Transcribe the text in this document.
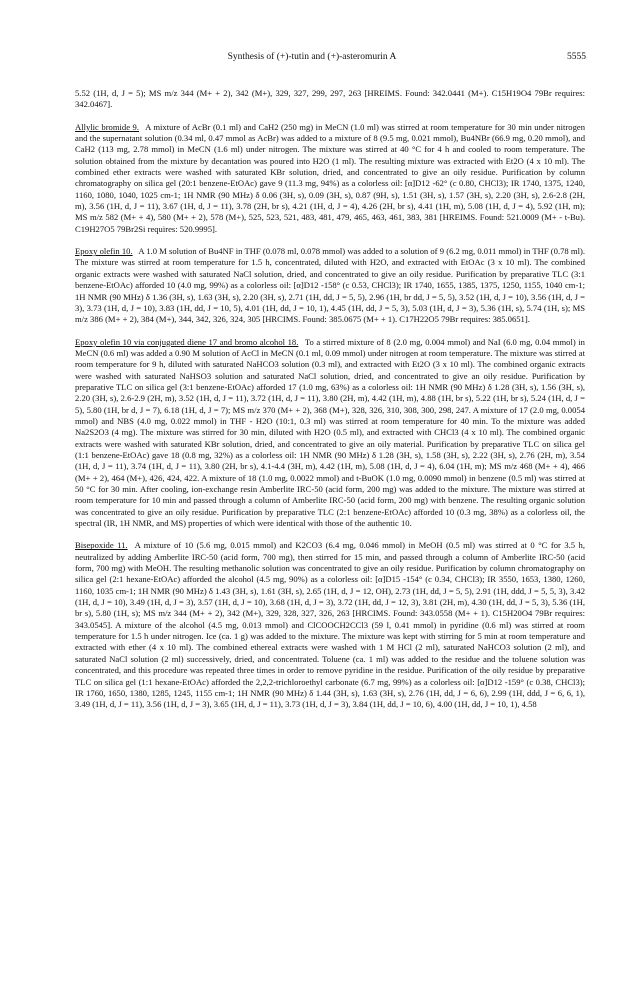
Synthesis of (+)-tutin and (+)-asteromurin A	5555

5.52 (1H, d, J = 5); MS m/z 344 (M+ + 2), 342 (M+), 329, 327, 299, 297, 263 [HREIMS. Found: 342.0441 (M+). C15H19O4 79Br requires: 342.0467].

Allylic bromide 9. A mixture of AcBr (0.1 ml) and CaH2 (250 mg) in MeCN (1.0 ml) was stirred at room temperature for 30 min under nitrogen and the supernatant solution (0.34 ml, 0.47 mmol as AcBr) was added to a mixture of 8 (9.5 mg, 0.021 mmol), Bu4NBr (66.9 mg, 0.20 mmol), and CaH2 (113 mg, 2.78 mmol) in MeCN (1.6 ml) under nitrogen. The mixture was stirred at 40 °C for 4 h and cooled to room temperature. The solution obtained from the mixture by decantation was poured into H2O (1 ml). The resulting mixture was extracted with Et2O (4 x 10 ml). The combined ether extracts were washed with saturated KBr solution, dried, and concentrated to give an oily residue. Purification by column chromatography on silica gel (20:1 benzene-EtOAc) gave 9 (11.3 mg, 94%) as a colorless oil: [α]D12 -62° (c 0.80, CHCl3); IR 1740, 1375, 1240, 1160, 1080, 1040, 1025 cm-1; 1H NMR (90 MHz) δ 0.06 (3H, s), 0.09 (3H, s), 0.87 (9H, s), 1.51 (3H, s), 1.57 (3H, s), 2.20 (3H, s), 2.6-2.8 (2H, m), 3.56 (1H, d, J = 11), 3.67 (1H, d, J = 11), 3.78 (2H, br s), 4.21 (1H, d, J = 4), 4.26 (2H, br s), 4.41 (1H, m), 5.08 (1H, d, J = 4), 5.92 (1H, m); MS m/z 582 (M+ + 4), 580 (M+ + 2), 578 (M+), 525, 523, 521, 483, 481, 479, 465, 463, 461, 383, 381 [HREIMS. Found: 521.0009 (M+ - t-Bu). C19H27O5 79Br2Si requires: 520.9995].

Epoxy olefin 10. A 1.0 M solution of Bu4NF in THF (0.078 ml, 0.078 mmol) was added to a solution of 9 (6.2 mg, 0.011 mmol) in THF (0.78 ml). The mixture was stirred at room temperature for 1.5 h, concentrated, diluted with H2O, and extracted with EtOAc (3 x 10 ml). The combined organic extracts were washed with saturated NaCl solution, dried, and concentrated to give an oily residue. Purification by preparative TLC (3:1 benzene-EtOAc) afforded 10 (4.0 mg, 99%) as a colorless oil: [α]D12 -158° (c 0.53, CHCl3); IR 1740, 1655, 1385, 1375, 1250, 1155, 1040 cm-1; 1H NMR (90 MHz) δ 1.36 (3H, s), 1.63 (3H, s), 2.20 (3H, s), 2.71 (1H, dd, J = 5, 5), 2.96 (1H, br dd, J = 5, 5), 3.52 (1H, d, J = 10), 3.56 (1H, d, J = 3), 3.73 (1H, d, J = 10), 3.83 (1H, dd, J = 10, 5), 4.01 (1H, dd, J = 10, 1), 4.45 (1H, dd, J = 5, 3), 5.03 (1H, d, J = 3), 5.36 (1H, s), 5.74 (1H, s); MS m/z 386 (M+ + 2), 384 (M+), 344, 342, 326, 324, 305 [HRCIMS. Found: 385.0675 (M+ + 1). C17H22O5 79Br requires: 385.0651].

Epoxy olefin 10 via conjugated diene 17 and bromo alcohol 18. To a stirred mixture of 8 (2.0 mg, 0.004 mmol) and NaI (6.0 mg, 0.04 mmol) in MeCN (0.6 ml) was added a 0.90 M solution of AcCl in MeCN (0.1 ml, 0.09 mmol) under nitrogen at room temperature. The mixture was stirred at room temperature for 9 h, diluted with saturated NaHCO3 solution (0.3 ml), and extracted with Et2O (3 x 10 ml). The combined organic extracts were washed with saturated NaHSO3 solution and saturated NaCl solution, dried, and concentrated to give an oily residue. Purification by preparative TLC on silica gel (3:1 benzene-EtOAc) afforded 17 (1.0 mg, 63%) as a colorless oil: 1H NMR (90 MHz) δ 1.28 (3H, s), 1.56 (3H, s), 2.20 (3H, s), 2.6-2.9 (2H, m), 3.52 (1H, d, J = 11), 3.72 (1H, d, J = 11), 3.80 (2H, m), 4.42 (1H, m), 4.88 (1H, br s), 5.22 (1H, br s), 5.24 (1H, d, J = 5), 5.80 (1H, br d, J = 7), 6.18 (1H, d, J = 7); MS m/z 370 (M+ + 2), 368 (M+), 328, 326, 310, 308, 300, 298, 247. A mixture of 17 (2.0 mg, 0.0054 mmol) and NBS (4.0 mg, 0.022 mmol) in THF - H2O (10:1, 0.3 ml) was stirred at room temperature for 40 min. To the mixture was added Na2S2O3 (4 mg). The mixture was stirred for 30 min, diluted with H2O (0.5 ml), and extracted with CHCl3 (4 x 10 ml). The combined organic extracts were washed with saturated KBr solution, dried, and concentrated to give an oily material. Purification by preparative TLC on silica gel (1:1 benzene-EtOAc) gave 18 (0.8 mg, 32%) as a colorless oil: 1H NMR (90 MHz) δ 1.28 (3H, s), 1.58 (3H, s), 2.22 (3H, s), 2.76 (2H, m), 3.54 (1H, d, J = 11), 3.74 (1H, d, J = 11), 3.80 (2H, br s), 4.1-4.4 (3H, m), 4.42 (1H, m), 5.08 (1H, d, J = 4), 6.04 (1H, m); MS m/z 468 (M+ + 4), 466 (M+ + 2), 464 (M+), 426, 424, 422. A mixture of 18 (1.0 mg, 0.0022 mmol) and t-BuOK (1.0 mg, 0.0090 mmol) in benzene (0.5 ml) was stirred at 50 °C for 30 min. After cooling, ion-exchange resin Amberlite IRC-50 (acid form, 200 mg) was added to the mixture. The mixture was stirred at room temperature for 10 min and passed through a column of Amberlite IRC-50 (acid form, 200 mg) with benzene. The resulting organic solution was concentrated to give an oily residue. Purification by preparative TLC (2:1 benzene-EtOAc) afforded 10 (0.3 mg, 38%) as a colorless oil, the spectral (IR, 1H NMR, and MS) properties of which were identical with those of the authentic 10.

Bisepoxide 11. A mixture of 10 (5.6 mg, 0.015 mmol) and K2CO3 (6.4 mg, 0.046 mmol) in MeOH (0.5 ml) was stirred at 0 °C for 3.5 h, neutralized by adding Amberlite IRC-50 (acid form, 700 mg), then stirred for 15 min, and passed through a column of Amberlite IRC-50 (acid form, 700 mg) with MeOH. The resulting methanolic solution was concentrated to give an oily residue. Purification by column chromatography on silica gel (2:1 hexane-EtOAc) afforded the alcohol (4.5 mg, 90%) as a colorless oil: [α]D15 -154° (c 0.34, CHCl3); IR 3550, 1653, 1380, 1260, 1160, 1035 cm-1; 1H NMR (90 MHz) δ 1.43 (3H, s), 1.61 (3H, s), 2.65 (1H, d, J = 12, OH), 2.73 (1H, dd, J = 5, 5), 2.91 (1H, ddd, J = 5, 5, 3), 3.42 (1H, d, J = 10), 3.49 (1H, d, J = 3), 3.57 (1H, d, J = 10), 3.68 (1H, d, J = 3), 3.72 (1H, dd, J = 12, 3), 3.81 (2H, m), 4.30 (1H, dd, J = 5, 3), 5.36 (1H, br s), 5.80 (1H, s); MS m/z 344 (M+ + 2), 342 (M+), 329, 328, 327, 326, 263 [HRCIMS. Found: 343.0558 (M+ + 1). C15H20O4 79Br requires: 343.0545]. A mixture of the alcohol (4.5 mg, 0.013 mmol) and ClCOOCH2CCl3 (59 l, 0.41 mmol) in pyridine (0.6 ml) was stirred at room temperature for 1.5 h under nitrogen. Ice (ca. 1 g) was added to the mixture. The mixture was kept with stirring for 5 min at room temperature and extracted with ether (4 x 10 ml). The combined ethereal extracts were washed with 1 M HCl (2 ml), saturated NaHCO3 solution (2 ml), and saturated NaCl solution (2 ml) successively, dried, and concentrated. Toluene (ca. 1 ml) was added to the residue and the toluene solution was concentrated, and this procedure was repeated three times in order to remove pyridine in the residue. Purification of the oily residue by preparative TLC on silica gel (1:1 hexane-EtOAc) afforded the 2,2,2-trichloroethyl carbonate (6.7 mg, 99%) as a colorless oil: [α]D12 -159° (c 0.38, CHCl3); IR 1760, 1650, 1380, 1285, 1245, 1155 cm-1; 1H NMR (90 MHz) δ 1.44 (3H, s), 1.63 (3H, s), 2.76 (1H, dd, J = 6, 6), 2.99 (1H, ddd, J = 6, 6, 1), 3.49 (1H, d, J = 11), 3.56 (1H, d, J = 3), 3.65 (1H, d, J = 11), 3.73 (1H, d, J = 3), 3.84 (1H, dd, J = 10, 6), 4.00 (1H, dd, J = 10, 1), 4.58
